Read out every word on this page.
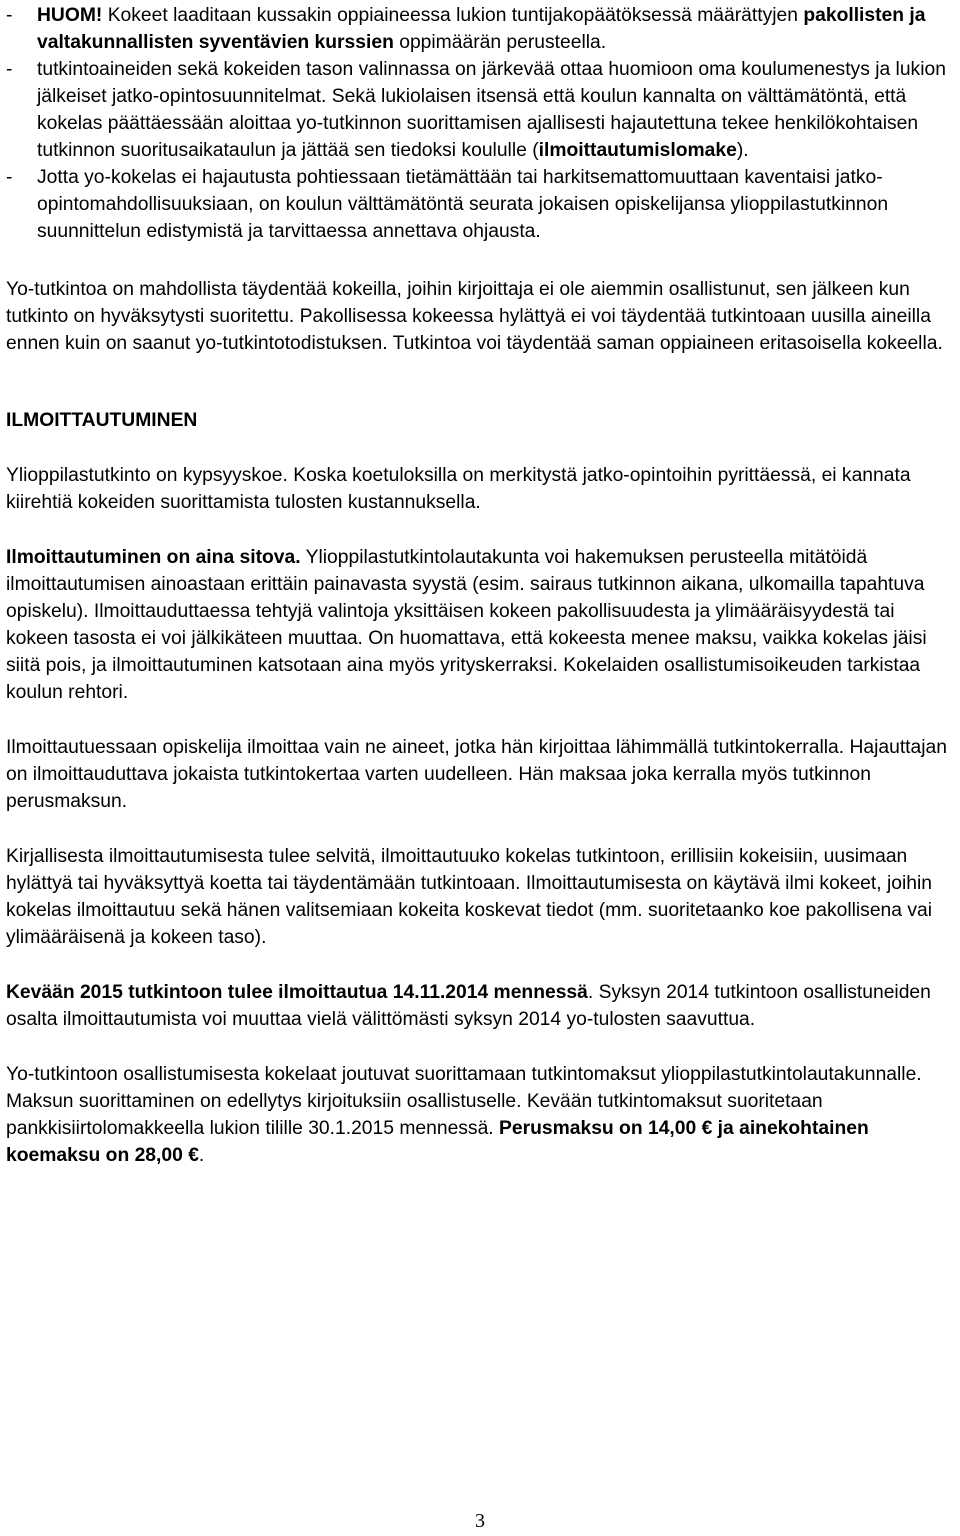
- HUOM! Kokeet laaditaan kussakin oppiaineessa lukion tuntijakopäätöksessä määrättyjen pakollisten ja valtakunnallisten syventävien kurssien oppimäärän perusteella.
- tutkintoaineiden sekä kokeiden tason valinnassa on järkevää ottaa huomioon oma koulumenestys ja lukion jälkeiset jatko-opintosuunnitelmat. Sekä lukiolaisen itsensä että koulun kannalta on välttämätöntä, että kokelas päättäessään aloittaa yo-tutkinnon suorittamisen ajallisesti hajautettuna tekee henkilökohtaisen tutkinnon suoritusaikataulun ja jättää sen tiedoksi koululle (ilmoittautumislomake).
- Jotta yo-kokelas ei hajautusta pohtiessaan tietämättään tai harkitsemattomuuttaan kaventaisi jatko-opintomahdollisuuksiaan, on koulun välttämätöntä seurata jokaisen opiskelijansa ylioppilastutkinnon suunnittelun edistymistä ja tarvittaessa annettava ohjausta.

Yo-tutkintoa on mahdollista täydentää kokeilla, joihin kirjoittaja ei ole aiemmin osallistunut, sen jälkeen kun tutkinto on hyväksytysti suoritettu. Pakollisessa kokeessa hylättyä ei voi täydentää tutkintoaan uusilla aineilla ennen kuin on saanut yo-tutkintotodistuksen. Tutkintoa voi täydentää saman oppiaineen eritasoisella kokeella.

ILMOITTAUTUMINEN

Ylioppilastutkinto on kypsyyskoe. Koska koetuloksilla on merkitystä jatko-opintoihin pyrittäessä, ei kannata kiirehtiä kokeiden suorittamista tulosten kustannuksella.

Ilmoittautuminen on aina sitova. Ylioppilastutkintolautakunta voi hakemuksen perusteella mitätöidä ilmoittautumisen ainoastaan erittäin painavasta syystä (esim. sairaus tutkinnon aikana, ulkomailla tapahtuva opiskelu). Ilmoittauduttaessa tehtyjä valintoja yksittäisen kokeen pakollisuudesta ja ylimääräisyydestä tai kokeen tasosta ei voi jälkikäteen muuttaa. On huomattava, että kokeesta menee maksu, vaikka kokelas jäisi siitä pois, ja ilmoittautuminen katsotaan aina myös yrityskerraksi. Kokelaiden osallistumisoikeuden tarkistaa koulun rehtori.

Ilmoittautuessaan opiskelija ilmoittaa vain ne aineet, jotka hän kirjoittaa lähimmällä tutkintokerralla. Hajauttajan on ilmoittauduttava jokaista tutkintokertaa varten uudelleen. Hän maksaa joka kerralla myös tutkinnon perusmaksun.

Kirjallisesta ilmoittautumisesta tulee selvitä, ilmoittautuuko kokelas tutkintoon, erillisiin kokeisiin, uusimaan hylättyä tai hyväksyttyä koetta tai täydentämään tutkintoaan. Ilmoittautumisesta on käytävä ilmi kokeet, joihin kokelas ilmoittautuu sekä hänen valitsemiaan kokeita koskevat tiedot (mm. suoritetaanko koe pakollisena vai ylimääräisenä ja kokeen taso).

Kevään 2015 tutkintoon tulee ilmoittautua 14.11.2014 mennessä. Syksyn 2014 tutkintoon osallistuneiden osalta ilmoittautumista voi muuttaa vielä välittömästi syksyn 2014 yo-tulosten saavuttua.

Yo-tutkintoon osallistumisesta kokelaat joutuvat suorittamaan tutkintomaksut ylioppilastutkintolautakunnalle. Maksun suorittaminen on edellytys kirjoituksiin osallistuselle. Kevään tutkintomaksut suoritetaan pankkisiirtolomakkeella lukion tilille 30.1.2015 mennessä. Perusmaksu on 14,00 € ja ainekohtainen koemaksu on 28,00 €.

3
